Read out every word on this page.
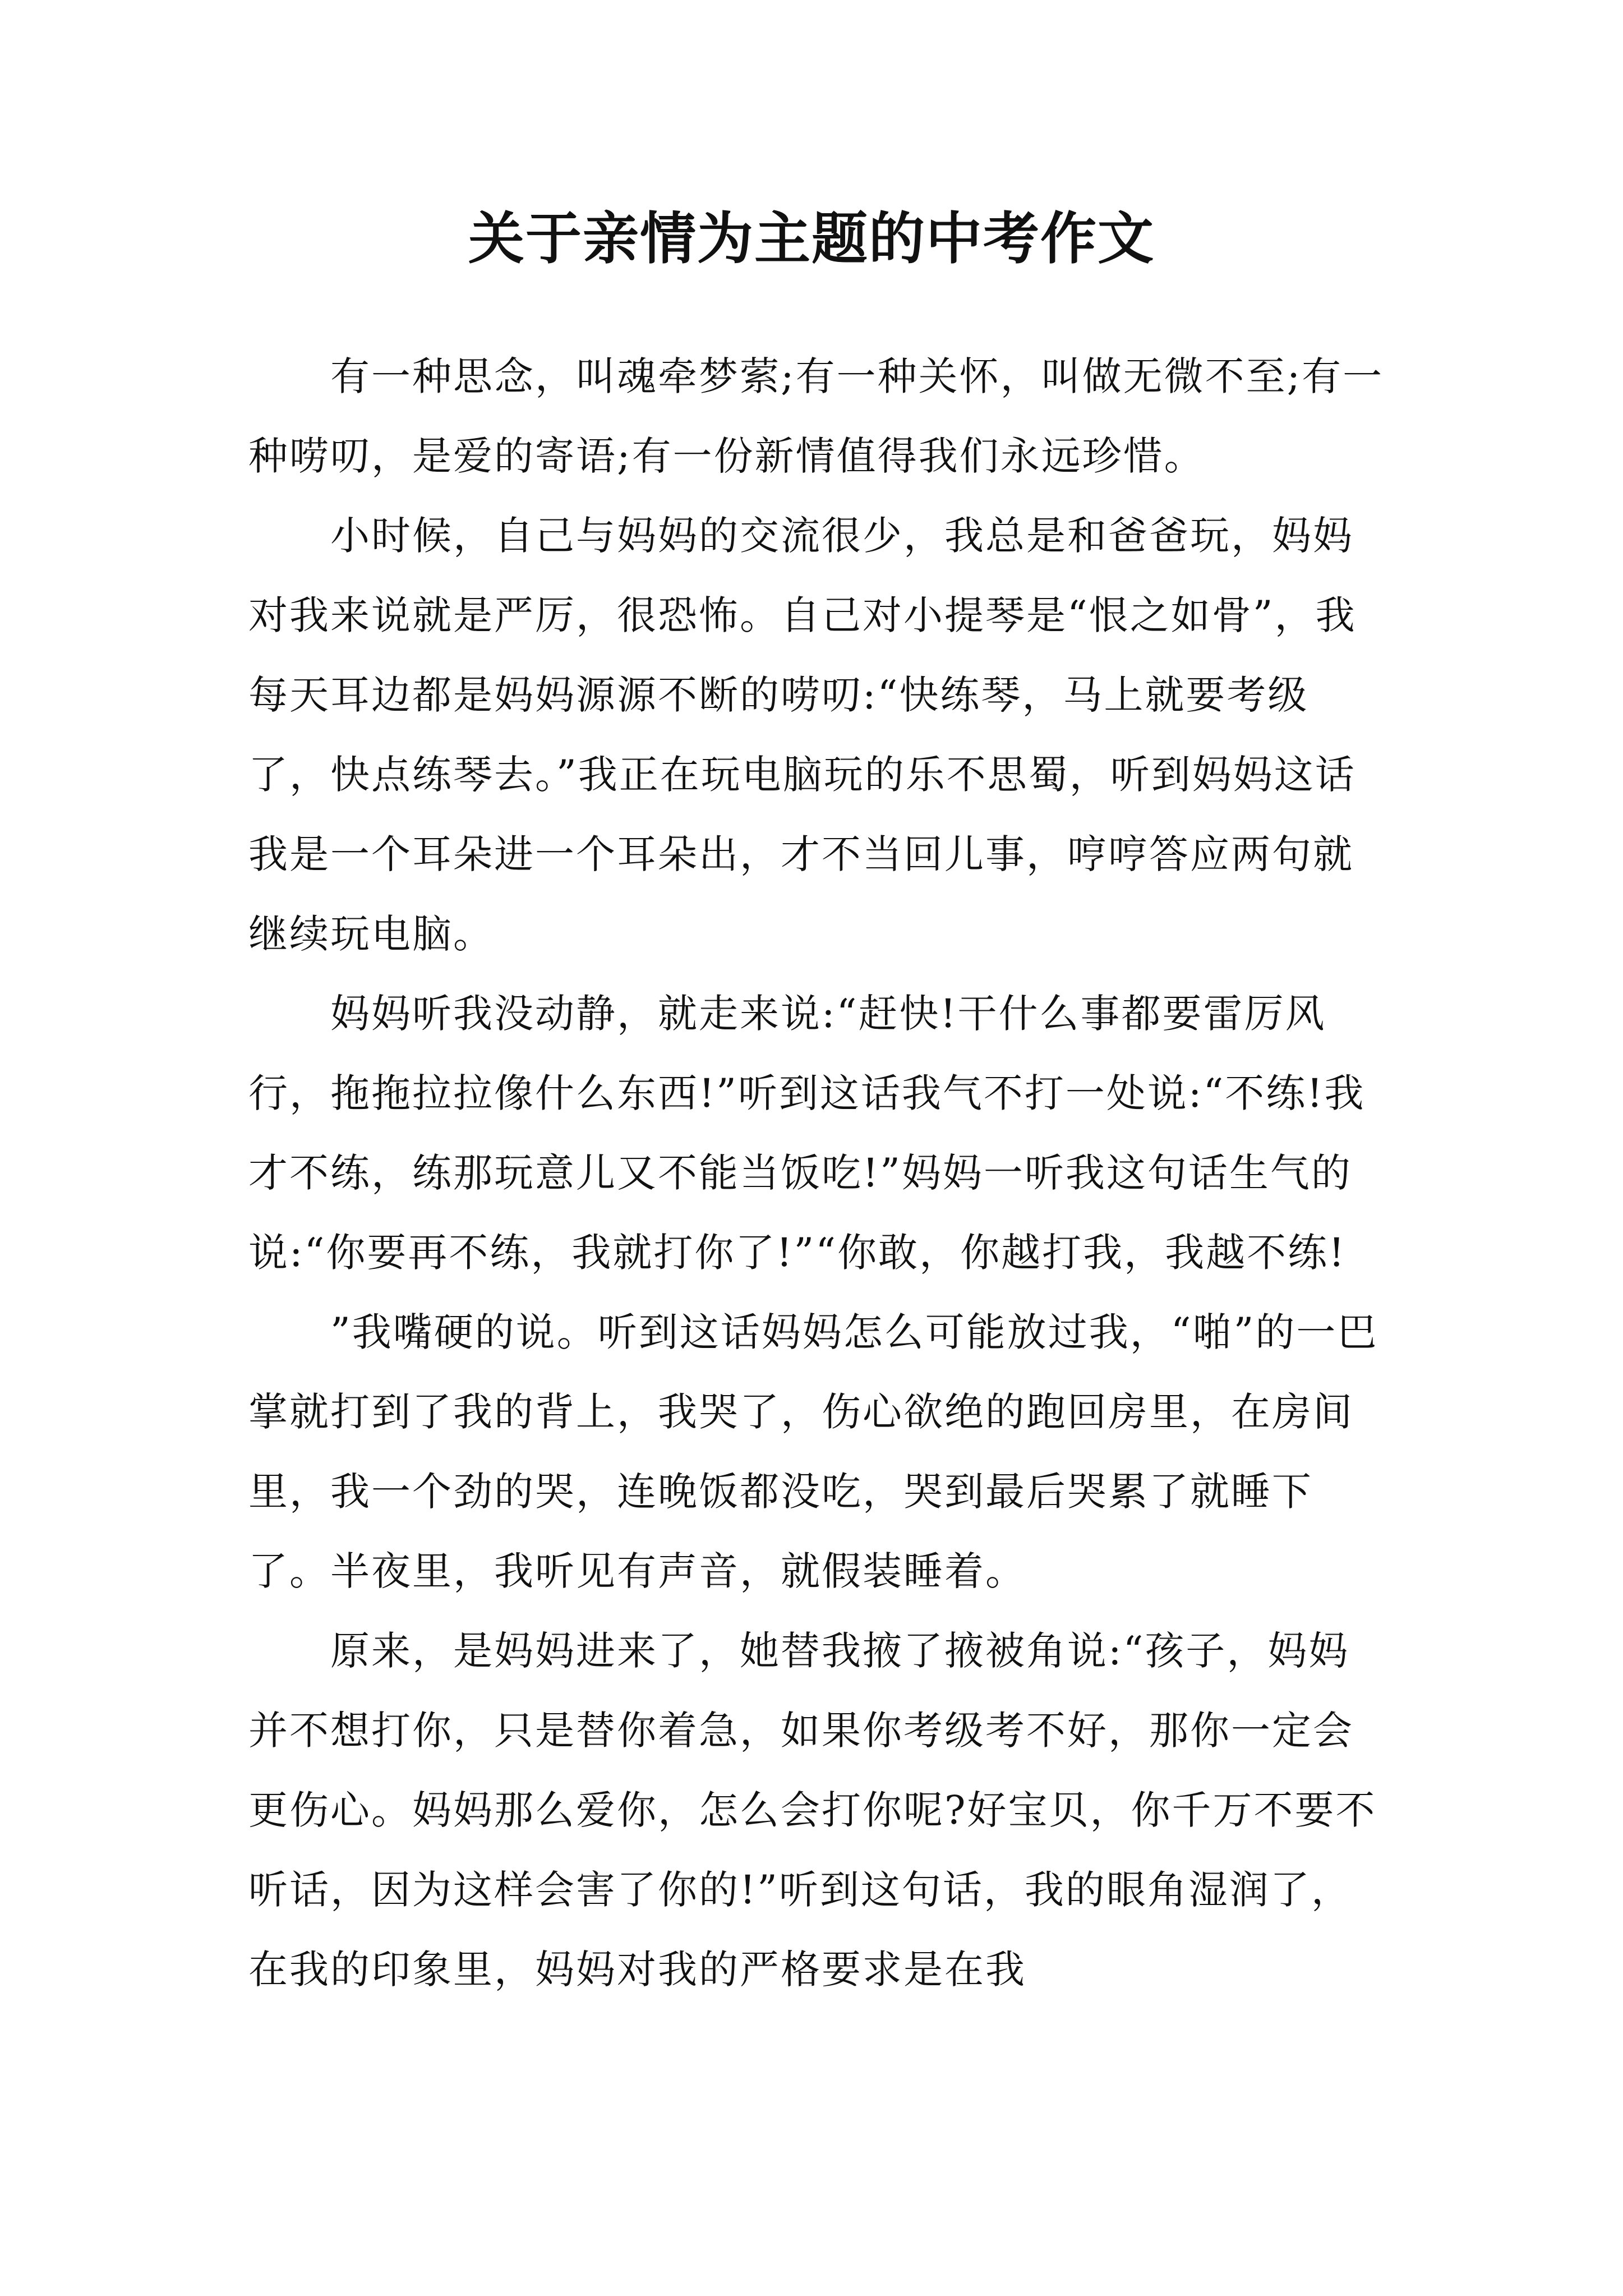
关于亲情为主题的中考作文

有一种思念，叫魂牵梦萦;有一种关怀，叫做无微不至;有一种唠叨，是爱的寄语;有一份新情值得我们永远珍惜。

小时候，自己与妈妈的交流很少，我总是和爸爸玩，妈妈对我来说就是严厉，很恐怖。自己对小提琴是“恨之如骨”，我每天耳边都是妈妈源源不断的唠叨:“快练琴，马上就要考级了，快点练琴去。”我正在玩电脑玩的乐不思蜀，听到妈妈这话我是一个耳朵进一个耳朵出，才不当回儿事，哼哼答应两句就继续玩电脑。

妈妈听我没动静，就走来说:“赶快!干什么事都要雷厉风行，拖拖拉拉像什么东西!”听到这话我气不打一处说:“不练!我才不练，练那玩意儿又不能当饭吃!”妈妈一听我这句话生气的说:“你要再不练，我就打你了!”“你敢，你越打我，我越不练!

”我嘴硬的说。听到这话妈妈怎么可能放过我，“啪”的一巴掌就打到了我的背上，我哭了，伤心欲绝的跑回房里，在房间里，我一个劲的哭，连晚饭都没吃，哭到最后哭累了就睡下了。半夜里，我听见有声音，就假装睡着。

原来，是妈妈进来了，她替我掖了掖被角说:“孩子，妈妈并不想打你，只是替你着急，如果你考级考不好，那你一定会更伤心。妈妈那么爱你，怎么会打你呢?好宝贝，你千万不要不听话，因为这样会害了你的!”听到这句话，我的眼角湿润了，在我的印象里，妈妈对我的严格要求是在我
